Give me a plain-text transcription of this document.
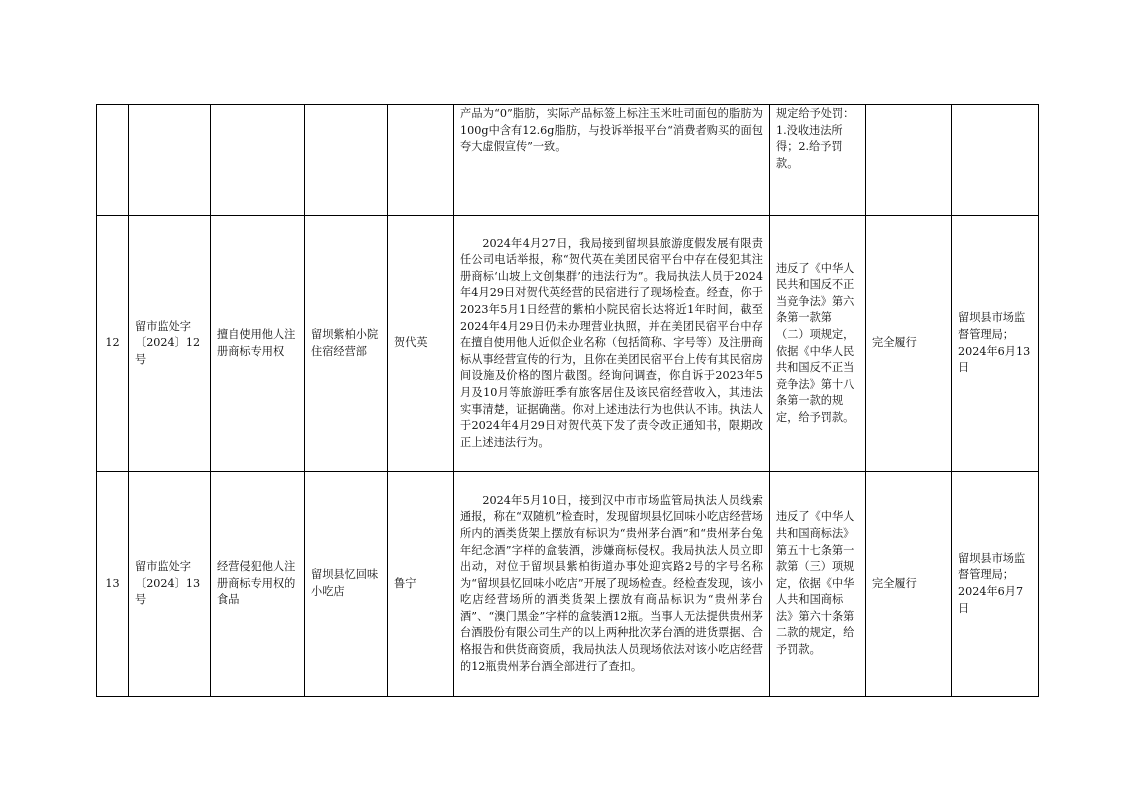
					产品为“0”脂肪，实际产品标签上标注玉米吐司面包的脂肪为100g中含有12.6g脂肪，与投诉举报平台“消费者购买的面包夸大虚假宣传”一致。	规定给予处罚：1.没收违法所得；2.给予罚款。		
12	留市监处字〔2024〕12号	擅自使用他人注册商标专用权	留坝紫柏小院住宿经营部	贺代英	2024年4月27日，我局接到留坝县旅游度假发展有限责任公司电话举报，称“贺代英在美团民宿平台中存在侵犯其注册商标‘山坡上文创集群’的违法行为”。我局执法人员于2024年4月29日对贺代英经营的民宿进行了现场检查。经查，你于2023年5月1日经营的紫柏小院民宿长达将近1年时间，截至2024年4月29日仍未办理营业执照，并在美团民宿平台中存在擅自使用他人近似企业名称（包括简称、字号等）及注册商标从事经营宣传的行为，且你在美团民宿平台上传有其民宿房间设施及价格的图片截图。经询问调查，你自诉于2023年5月及10月等旅游旺季有旅客居住及该民宿经营收入，其违法实事清楚，证据确凿。你对上述违法行为也供认不讳。执法人于2024年4月29日对贺代英下发了责令改正通知书，限期改正上述违法行为。	违反了《中华人民共和国反不正当竞争法》第六条第一款第（二）项规定，依据《中华人民共和国反不正当竞争法》第十八条第一款的规定，给予罚款。	完全履行	留坝县市场监督管理局；2024年6月13日
13	留市监处字〔2024〕13号	经营侵犯他人注册商标专用权的食品	留坝县忆回味小吃店	鲁宁	2024年5月10日，接到汉中市市场监管局执法人员线索通报，称在“双随机”检查时，发现留坝县忆回味小吃店经营场所内的酒类货架上摆放有标识为“贵州茅台酒”和“贵州茅台兔年纪念酒”字样的盒装酒，涉嫌商标侵权。我局执法人员立即出动，对位于留坝县紫柏街道办事处迎宾路2号的字号名称为“留坝县忆回味小吃店”开展了现场检查。经检查发现，该小吃店经营场所的酒类货架上摆放有商品标识为“贵州茅台酒”、“澳门黑金”字样的盒装酒12瓶。当事人无法提供贵州茅台酒股份有限公司生产的以上两种批次茅台酒的进货票据、合格报告和供货商资质，我局执法人员现场依法对该小吃店经营的12瓶贵州茅台酒全部进行了查扣。	违反了《中华人共和国商标法》第五十七条第一款第（三）项规定，依据《中华人共和国商标法》第六十条第二款的规定，给予罚款。	完全履行	留坝县市场监督管理局；2024年6月7日
